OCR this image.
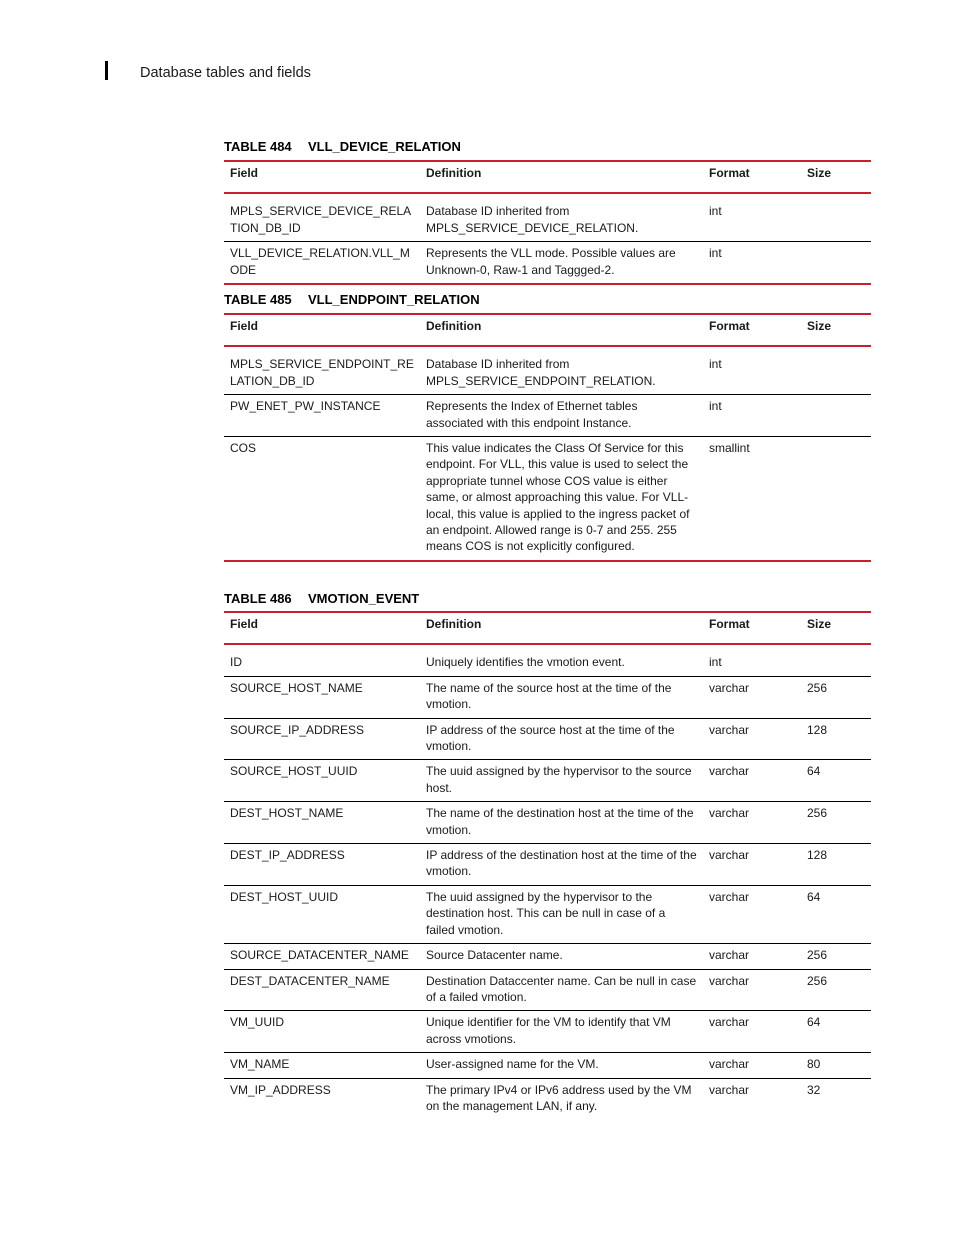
Database tables and fields
TABLE 484 VLL_DEVICE_RELATION
Field	Definition	Format	Size
MPLS_SERVICE_DEVICE_RELATION_DB_ID	Database ID inherited from MPLS_SERVICE_DEVICE_RELATION.	int	
VLL_DEVICE_RELATION.VLL_MODE	Represents the VLL mode. Possible values are Unknown-0, Raw-1 and Taggged-2.	int	
TABLE 485 VLL_ENDPOINT_RELATION
Field	Definition	Format	Size
MPLS_SERVICE_ENDPOINT_RELATION_DB_ID	Database ID inherited from MPLS_SERVICE_ENDPOINT_RELATION.	int	
PW_ENET_PW_INSTANCE	Represents the Index of Ethernet tables associated with this endpoint Instance.	int	
COS	This value indicates the Class Of Service for this endpoint. For VLL, this value is used to select the appropriate tunnel whose COS value is either same, or almost approaching this value. For VLL-local, this value is applied to the ingress packet of an endpoint. Allowed range is 0-7 and 255. 255 means COS is not explicitly configured.	smallint	
TABLE 486 VMOTION_EVENT
Field	Definition	Format	Size
ID	Uniquely identifies the vmotion event.	int	
SOURCE_HOST_NAME	The name of the source host at the time of the vmotion.	varchar	256
SOURCE_IP_ADDRESS	IP address of the source host at the time of the vmotion.	varchar	128
SOURCE_HOST_UUID	The uuid assigned by the hypervisor to the source host.	varchar	64
DEST_HOST_NAME	The name of the destination host at the time of the vmotion.	varchar	256
DEST_IP_ADDRESS	IP address of the destination host at the time of the vmotion.	varchar	128
DEST_HOST_UUID	The uuid assigned by the hypervisor to the destination host. This can be null in case of a failed vmotion.	varchar	64
SOURCE_DATACENTER_NAME	Source Datacenter name.	varchar	256
DEST_DATACENTER_NAME	Destination Dataccenter name. Can be null in case of a failed vmotion.	varchar	256
VM_UUID	Unique identifier for the VM to identify that VM across vmotions.	varchar	64
VM_NAME	User-assigned name for the VM.	varchar	80
VM_IP_ADDRESS	The primary IPv4 or IPv6 address used by the VM on the management LAN, if any.	varchar	32
